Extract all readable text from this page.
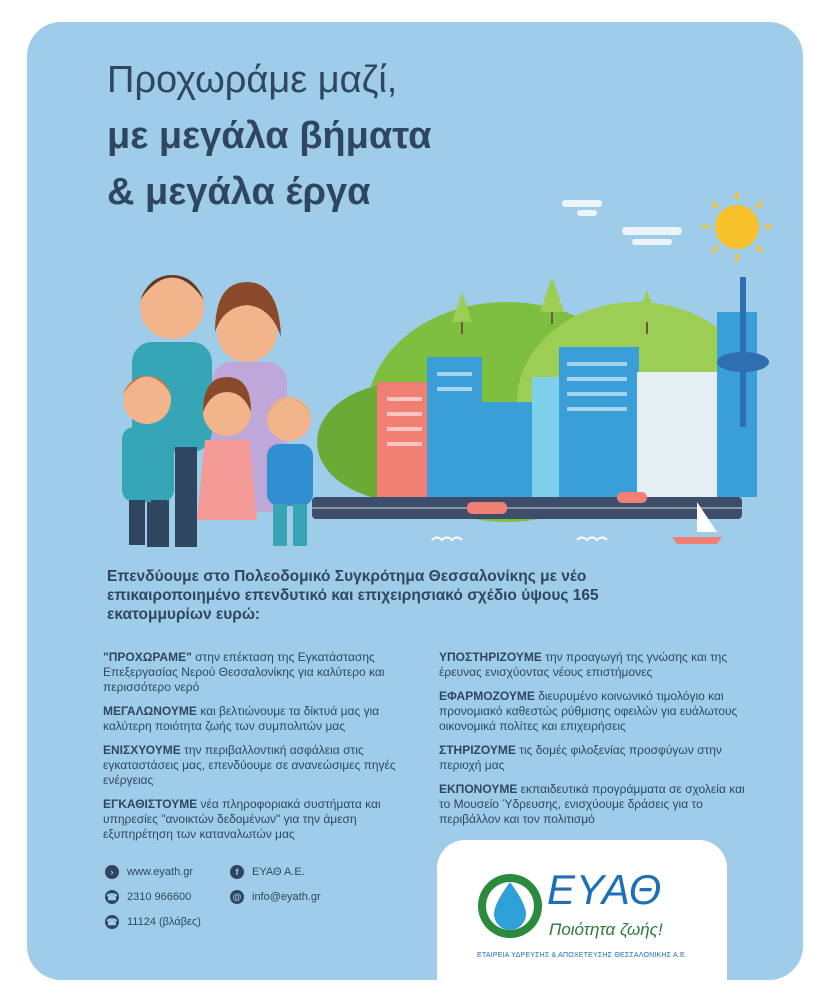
Προχωράμε μαζί,
με μεγάλα βήματα
& μεγάλα έργα
Επενδύουμε στο Πολεοδομικό Συγκρότημα Θεσσαλονίκης με νέο επικαιροποιημένο επενδυτικό και επιχειρησιακό σχέδιο ύψους 165 εκατομμυρίων ευρώ:
"ΠΡΟΧΩΡΑΜΕ" στην επέκταση της Εγκατάστασης Επεξεργασίας Νερού Θεσσαλονίκης για καλύτερο και περισσότερο νερό
ΜΕΓΑΛΩΝΟΥΜΕ και βελτιώνουμε τα δίκτυά μας για καλύτερη ποιότητα ζωής των συμπολιτών μας
ΕΝΙΣΧΥΟΥΜΕ την περιβαλλοντική ασφάλεια στις εγκαταστάσεις μας, επενδύουμε σε ανανεώσιμες πηγές ενέργειας
ΕΓΚΑΘΙΣΤΟΥΜΕ νέα πληροφοριακά συστήματα και υπηρεσίες "ανοικτών δεδομένων" για την άμεση εξυπηρέτηση των καταναλωτών μας
ΥΠΟΣΤΗΡΙΖΟΥΜΕ την προαγωγή της γνώσης και της έρευνας ενισχύοντας νέους επιστήμονες
ΕΦΑΡΜΟΖΟΥΜΕ διευρυμένο κοινωνικό τιμολόγιο και προνομιακό καθεστώς ρύθμισης οφειλών για ευάλωτους οικονομικά πολίτες και επιχειρήσεις
ΣΤΗΡΙΖΟΥΜΕ τις δομές φιλοξενίας προσφύγων στην περιοχή μας
ΕΚΠΟΝΟΥΜΕ εκπαιδευτικά προγράμματα σε σχολεία και το Μουσείο Ύδρευσης, ενισχύουμε δράσεις για το περιβάλλον και τον πολιτισμό
›	www.eyath.gr
☎ 2310 966600
☎ 11124 (βλάβες)
f	ΕΥΑΘ Α.Ε.
@ info@eyath.gr	ΕΥΑΘ
Ποιότητα ζωής!
ΕΤΑΙΡΕΙΑ ΥΔΡΕΥΣΗΣ & ΑΠΟΧΕΤΕΥΣΗΣ ΘΕΣΣΑΛΟΝΙΚΗΣ Α.Ε.
